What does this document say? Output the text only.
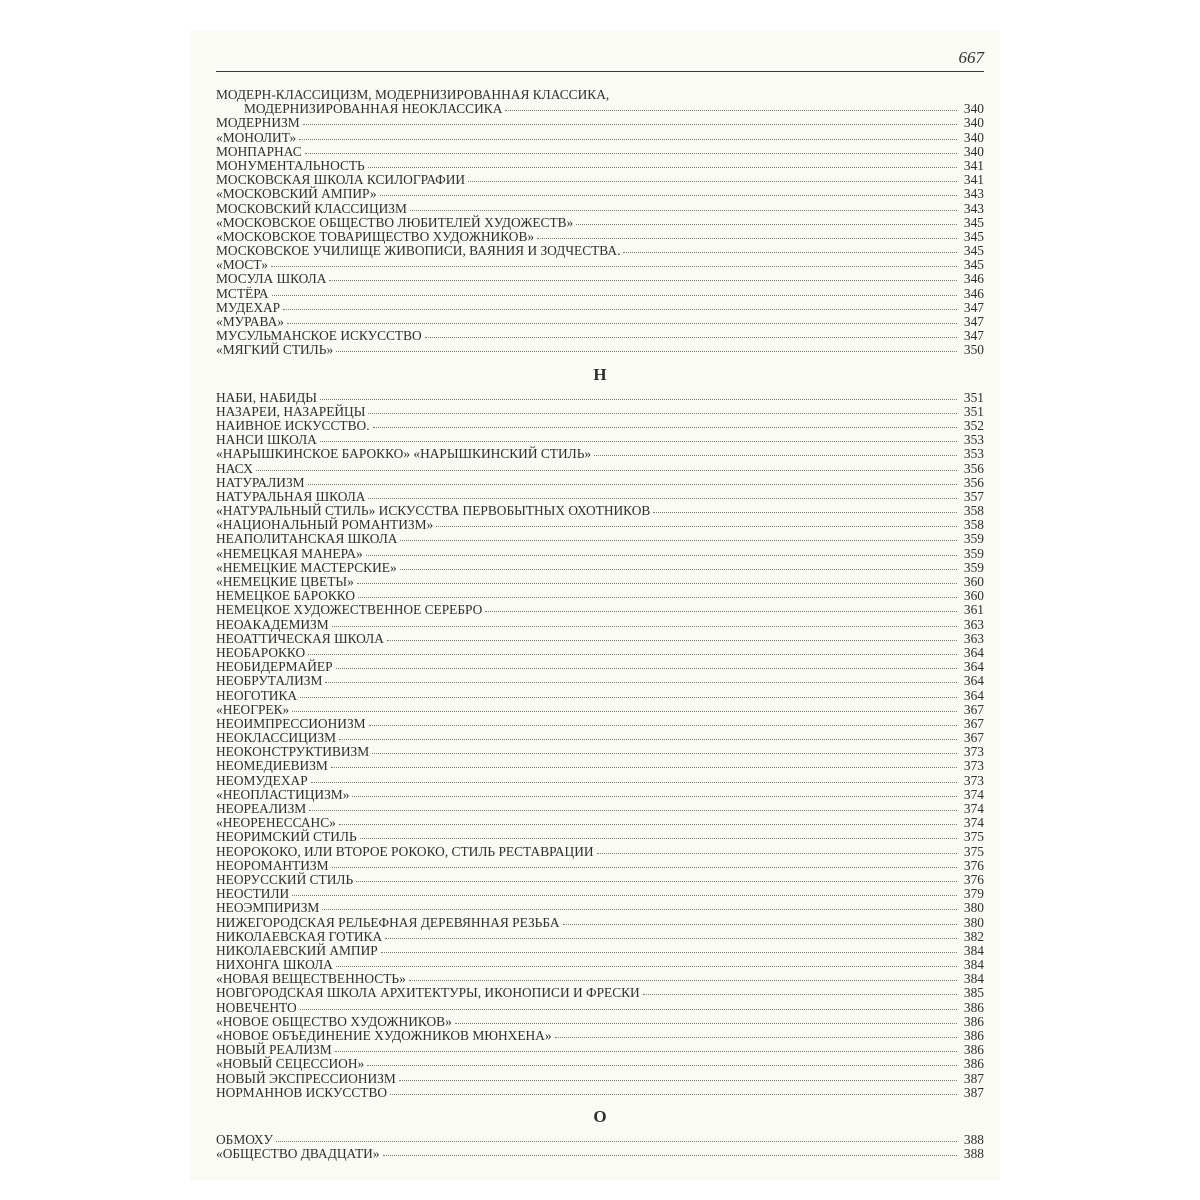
667
МОДЕРН-КЛАССИЦИЗМ, МОДЕРНИЗИРОВАННАЯ КЛАССИКА,
МОДЕРНИЗИРОВАННАЯ НЕОКЛАССИКА	340
МОДЕРНИЗМ	340
«МОНОЛИТ»	340
МОНПАРНАС	340
МОНУМЕНТАЛЬНОСТЬ	341
МОСКОВСКАЯ ШКОЛА КСИЛОГРАФИИ	341
«МОСКОВСКИЙ АМПИР»	343
МОСКОВСКИЙ КЛАССИЦИЗМ	343
«МОСКОВСКОЕ ОБЩЕСТВО ЛЮБИТЕЛЕЙ ХУДОЖЕСТВ»	345
«МОСКОВСКОЕ ТОВАРИЩЕСТВО ХУДОЖНИКОВ»	345
МОСКОВСКОЕ УЧИЛИЩЕ ЖИВОПИСИ, ВАЯНИЯ И ЗОДЧЕСТВА.	345
«МОСТ»	345
МОСУЛА ШКОЛА	346
МСТЁРА	346
МУДЕХАР	347
«МУРАВА»	347
МУСУЛЬМАНСКОЕ ИСКУССТВО	347
«МЯГКИЙ СТИЛЬ»	350
Н
НАБИ, НАБИДЫ	351
НАЗАРЕИ, НАЗАРЕЙЦЫ	351
НАИВНОЕ ИСКУССТВО.	352
НАНСИ ШКОЛА	353
«НАРЫШКИНСКОЕ БАРОККО» «НАРЫШКИНСКИЙ СТИЛЬ»	353
НАСХ	356
НАТУРАЛИЗМ	356
НАТУРАЛЬНАЯ ШКОЛА	357
«НАТУРАЛЬНЫЙ СТИЛЬ» ИСКУССТВА ПЕРВОБЫТНЫХ ОХОТНИКОВ	358
«НАЦИОНАЛЬНЫЙ РОМАНТИЗМ»	358
НЕАПОЛИТАНСКАЯ ШКОЛА	359
«НЕМЕЦКАЯ МАНЕРА»	359
«НЕМЕЦКИЕ МАСТЕРСКИЕ»	359
«НЕМЕЦКИЕ ЦВЕТЫ»	360
НЕМЕЦКОЕ БАРОККО	360
НЕМЕЦКОЕ ХУДОЖЕСТВЕННОЕ СЕРЕБРО	361
НЕОАКАДЕМИЗМ	363
НЕОАТТИЧЕСКАЯ ШКОЛА	363
НЕОБАРОККО	364
НЕОБИДЕРМАЙЕР	364
НЕОБРУТАЛИЗМ	364
НЕОГОТИКА	364
«НЕОГРЕК»	367
НЕОИМПРЕССИОНИЗМ	367
НЕОКЛАССИЦИЗМ	367
НЕОКОНСТРУКТИВИЗМ	373
НЕОМЕДИЕВИЗМ	373
НЕОМУДЕХАР	373
«НЕОПЛАСТИЦИЗМ»	374
НЕОРЕАЛИЗМ	374
«НЕОРЕНЕССАНС»	374
НЕОРИМСКИЙ СТИЛЬ	375
НЕОРОКОКО, ИЛИ ВТОРОЕ РОКОКО, СТИЛЬ РЕСТАВРАЦИИ	375
НЕОРОМАНТИЗМ	376
НЕОРУССКИЙ СТИЛЬ	376
НЕОСТИЛИ	379
НЕОЭМПИРИЗМ	380
НИЖЕГОРОДСКАЯ РЕЛЬЕФНАЯ ДЕРЕВЯННАЯ РЕЗЬБА	380
НИКОЛАЕВСКАЯ ГОТИКА	382
НИКОЛАЕВСКИЙ АМПИР	384
НИХОНГА ШКОЛА	384
«НОВАЯ ВЕЩЕСТВЕННОСТЬ»	384
НОВГОРОДСКАЯ ШКОЛА АРХИТЕКТУРЫ, ИКОНОПИСИ И ФРЕСКИ	385
НОВЕЧЕНТО	386
«НОВОЕ ОБЩЕСТВО ХУДОЖНИКОВ»	386
«НОВОЕ ОБЪЕДИНЕНИЕ ХУДОЖНИКОВ МЮНХЕНА»	386
НОВЫЙ РЕАЛИЗМ	386
«НОВЫЙ СЕЦЕССИОН»	386
НОВЫЙ ЭКСПРЕССИОНИЗМ	387
НОРМАННОВ ИСКУССТВО	387
О
ОБМОХУ	388
«ОБЩЕСТВО ДВАДЦАТИ»	388
